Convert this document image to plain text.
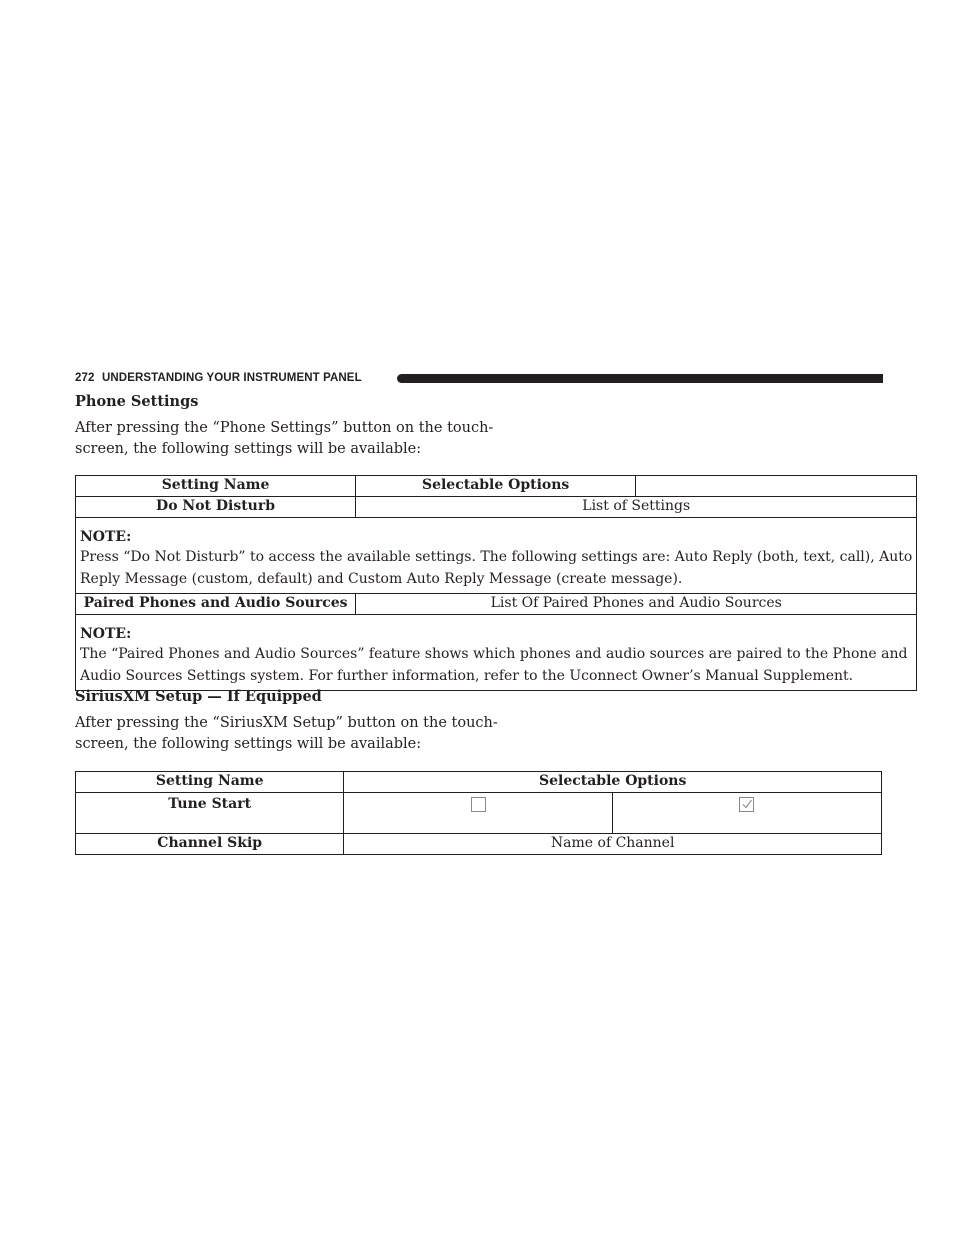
272 UNDERSTANDING YOUR INSTRUMENT PANEL
Phone Settings
After pressing the “Phone Settings” button on the touch-
screen, the following settings will be available:
Setting Name	Selectable Options	
Do Not Disturb	List of Settings	

NOTE:
Press “Do Not Disturb” to access the available settings. The following settings are: Auto Reply (both, text, call), Auto
Reply Message (custom, default) and Custom Auto Reply Message (create message).		

Paired Phones and Audio Sources	List Of Paired Phones and Audio Sources	

NOTE:
The “Paired Phones and Audio Sources” feature shows which phones and audio sources are paired to the Phone and
Audio Sources Settings system. For further information, refer to the Uconnect Owner’s Manual Supplement.		
SiriusXM Setup — If Equipped
After pressing the “SiriusXM Setup” button on the touch-
screen, the following settings will be available:
Setting Name	Selectable Options	
Tune Start		

Channel Skip	Name of Channel	
